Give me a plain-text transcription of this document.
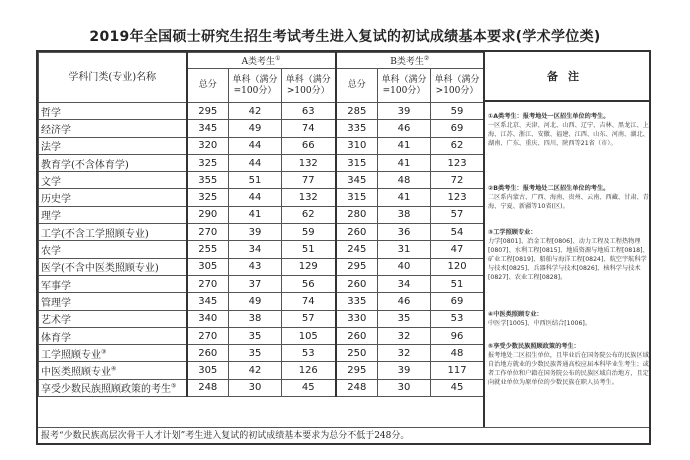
2019年全国硕士研究生招生考试考生进入复试的初试成绩基本要求(学术学位类)
学科门类(专业)名称	A类考生①			B类考生②
	总分	单科（满分=100分）	单科（满分>100分）	总分	单科（满分=100分）	单科（满分>100分）
哲学	295	42	63	285	39	59
经济学	345	49	74	335	46	69
法学	320	44	66	310	41	62
教育学(不含体育学)	325	44	132	315	41	123
文学	355	51	77	345	48	72
历史学	325	44	132	315	41	123
理学	290	41	62	280	38	57
工学(不含工学照顾专业)	270	39	59	260	36	54
农学	255	34	51	245	31	47
医学(不含中医类照顾专业)	305	43	129	295	40	120
军事学	270	37	56	260	34	51
管理学	345	49	74	335	46	69
艺术学	340	38	57	330	35	53
体育学	270	35	105	260	32	96
工学照顾专业③	260	35	53	250	32	48
中医类照顾专业④	305	42	126	295	39	117
享受少数民族照顾政策的考生⑤	248	30	45	248	30	45
备注
①A类考生：报考地处一区招生单位的考生。
一区系北京、天津、河北、山西、辽宁、吉林、黑龙江、上海、江苏、浙江、安徽、福建、江西、山东、河南、湖北、湖南、广东、重庆、四川、陕西等21省（市）。
②B类考生：报考地处二区招生单位的考生。
二区系内蒙古、广西、海南、贵州、云南、西藏、甘肃、青海、宁夏、新疆等10省(区)。
③工学照顾专业：
力学[0801]、冶金工程[0806]、动力工程及工程热物理[0807]、水利工程[0815]、地质资源与地质工程[0818]、矿业工程[0819]、船舶与海洋工程[0824]、航空宇航科学与技术[0825]、兵器科学与技术[0826]、核科学与技术[0827]、农业工程[0828]。
④中医类照顾专业：
中医学[1005]、中西医结合[1006]。
⑤享受少数民族照顾政策的考生：
报考地处二区招生单位，且毕业后在国务院公布的民族区域自治地方就业的少数民族普通高校应届本科毕业生考生；或者工作单位和户籍在国务院公布的民族区域自治地方，且定向就业单位为原单位的少数民族在职人员考生。
报考“少数民族高层次骨干人才计划”考生进入复试的初试成绩基本要求为总分不低于248分。
